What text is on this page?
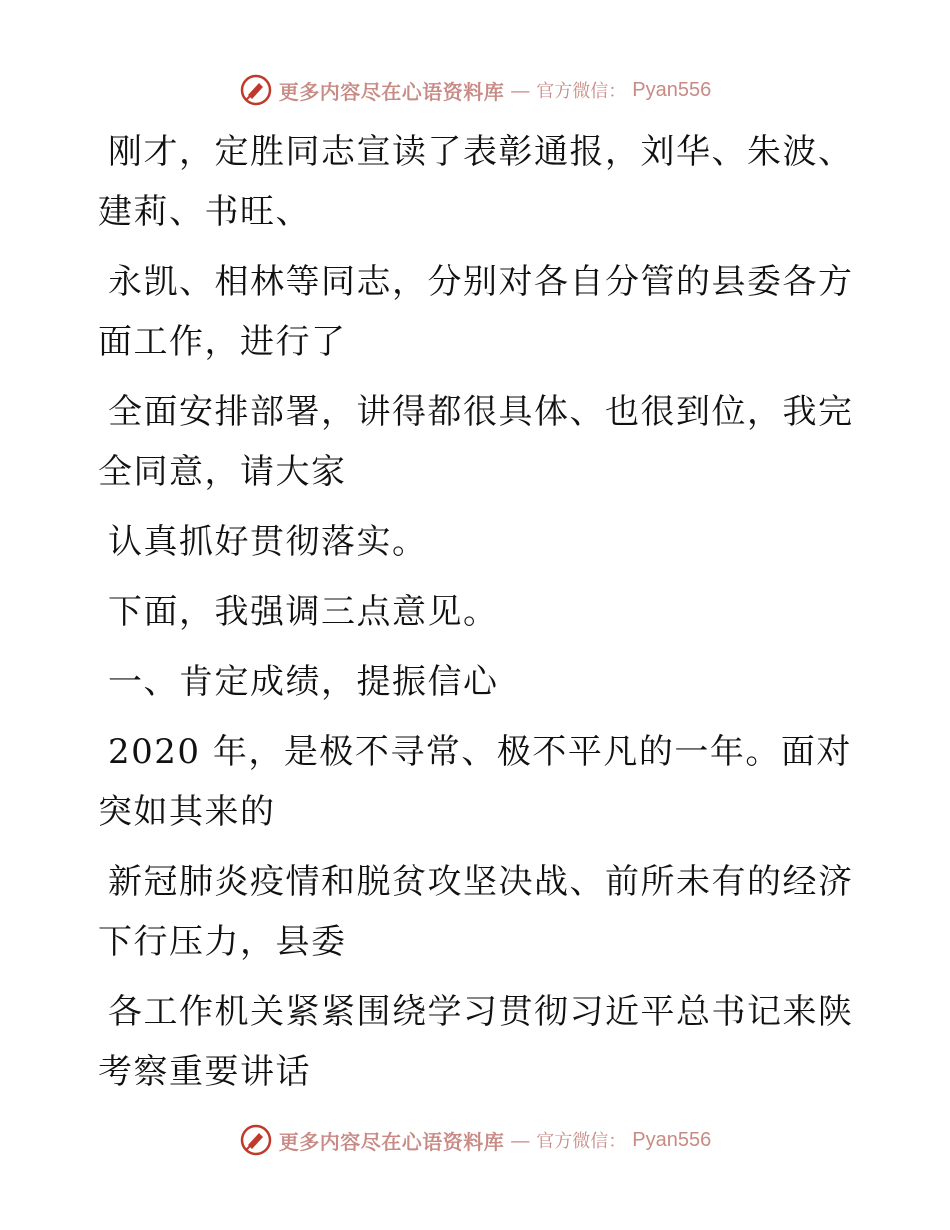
更多内容尽在心语资料库 — 官方微信： Pyan556

刚才，定胜同志宣读了表彰通报，刘华、朱波、建莉、书旺、

永凯、相林等同志，分别对各自分管的县委各方面工作，进行了

全面安排部署，讲得都很具体、也很到位，我完全同意，请大家

认真抓好贯彻落实。

下面，我强调三点意见。

一、肯定成绩，提振信心

2020 年，是极不寻常、极不平凡的一年。面对突如其来的

新冠肺炎疫情和脱贫攻坚决战、前所未有的经济下行压力，县委

各工作机关紧紧围绕学习贯彻习近平总书记来陕考察重要讲话

更多内容尽在心语资料库 — 官方微信： Pyan556
